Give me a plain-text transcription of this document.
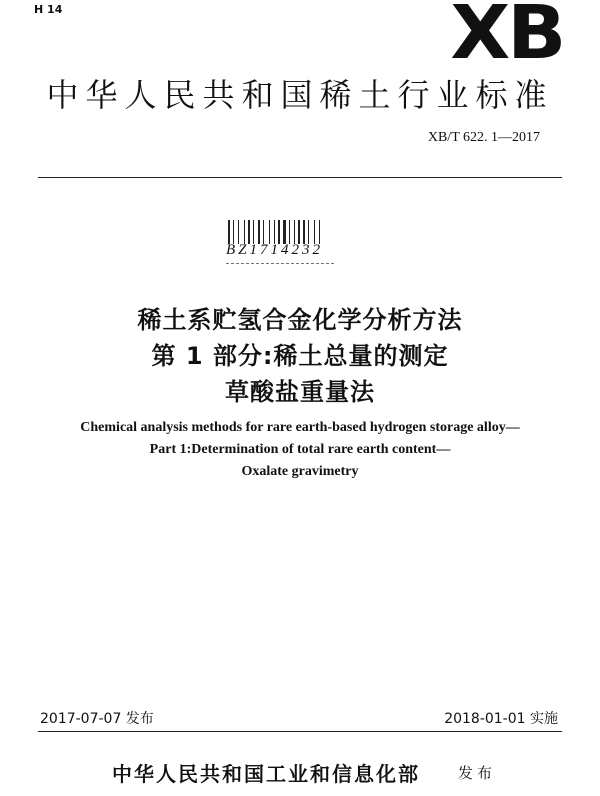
H 14	XB
中华人民共和国稀土行业标准
XB/T 622. 1—2017
BZ1714232
稀土系贮氢合金化学分析方法
第 1 部分:稀土总量的测定
草酸盐重量法
Chemical analysis methods for rare earth-based hydrogen storage alloy—
Part 1:Determination of total rare earth content—
Oxalate gravimetry
2017-07-07 发布	2018-01-01 实施
中华人民共和国工业和信息化部	发布
